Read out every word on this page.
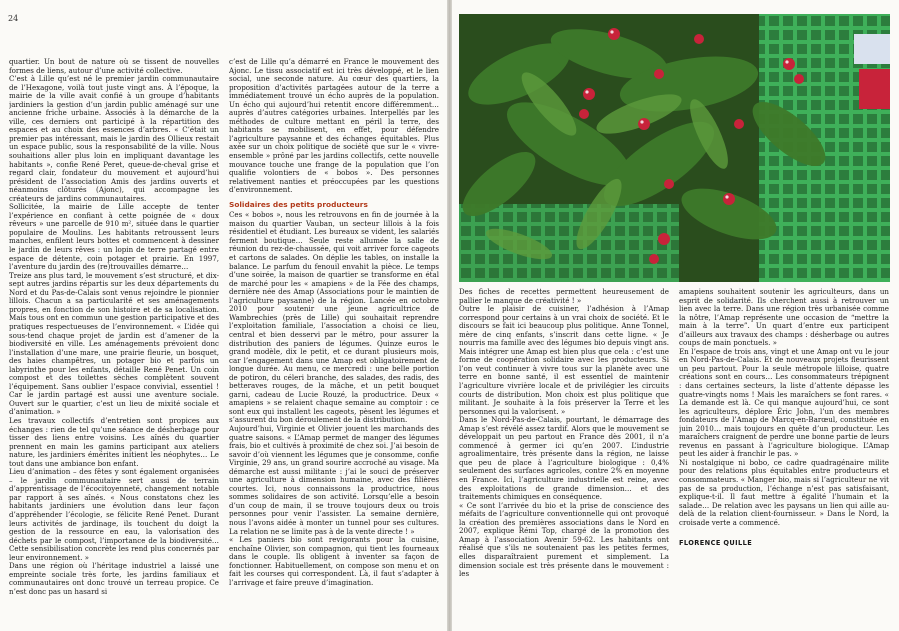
24

quartier. Un bout de nature où se tissent de nouvelles formes de liens, autour d’une activité collective.

C’est à Lille qu’est né le premier jardin communautaire de l’Hexagone, voilà tout juste vingt ans. À l’époque, la mairie de la ville avait confié à un groupe d’habitants jardiniers la gestion d’un jardin public aménagé sur une ancienne friche urbaine. Associés à la démarche de la ville, ces derniers ont participé à la répartition des espaces et au choix des essences d’arbres. « C’était un premier pas intéressant, mais le jardin des Ollieux restait un espace public, sous la responsabilité de la ville. Nous souhaitions aller plus loin en impliquant davantage les habitants », confie René Peret, queue-de-cheval grise et regard clair, fondateur du mouvement et aujourd’hui président de l’association Amis des jardins ouverts et néanmoins clôturés (Ajonc), qui accompagne les créateurs de jardins communautaires.

Sollicitée, la mairie de Lille accepte de tenter l’expérience en confiant à cette poignée de « doux rêveurs » une parcelle de 910 m², située dans le quartier populaire de Moulins. Les habitants retroussent leurs manches, enfilent leurs bottes et commencent à dessiner le jardin de leurs rêves : un lopin de terre partagé entre espace de détente, coin potager et prairie. En 1997, l’aventure du jardin des (re)trouvailles démarre…

Treize ans plus tard, le mouvement s’est structuré, et dix-sept autres jardins répartis sur les deux départements du Nord et du Pas-de-Calais sont venus rejoindre le pionnier lillois. Chacun a sa particularité et ses aménagements propres, en fonction de son histoire et de sa localisation. Mais tous ont en commun une gestion participative et des pratiques respectueuses de l’environnement. « L’idée qui sous-tend chaque projet de jardin est d’amener de la biodiversité en ville. Les aménagements prévoient donc l’installation d’une mare, une prairie fleurie, un bosquet, des haies champêtres, un potager bio et parfois un labyrinthe pour les enfants, détaille René Penet. Un coin compost et des toilettes sèches complètent souvent l’équipement. Sans oublier l’espace convivial, essentiel ! Car le jardin partagé est aussi une aventure sociale. Ouvert sur le quartier, c’est un lieu de mixité sociale et d’animation. »

Les travaux collectifs d’entretien sont propices aux échanges : rien de tel qu’une séance de désherbage pour tisser des liens entre voisins. Les aînés du quartier prennent en main les gamins participant aux ateliers nature, les jardiniers émérites initient les néophytes… Le tout dans une ambiance bon enfant.

Lieu d’animation – des fêtes y sont également organisées – le jardin communautaire sert aussi de terrain d’apprentissage de l’écocitoyenneté, changement notable par rapport à ses aînés. « Nous constatons chez les habitants jardiniers une évolution dans leur façon d’appréhender l’écologie, se félicite René Penet. Durant leurs activités de jardinage, ils touchent du doigt la gestion de la ressource en eau, la valorisation des déchets par le compost, l’importance de la biodiversité… Cette sensibilisation concrète les rend plus concernés par leur environnement. »

Dans une région où l’héritage industriel a laissé une empreinte sociale très forte, les jardins familiaux et communautaires ont donc trouvé un terreau propice. Ce n’est donc pas un hasard si

c’est de Lille qu’a démarré en France le mouvement des Ajonc. Le tissu associatif est ici très développé, et le lien social, une seconde nature. Au cœur des quartiers, la proposition d’activités partagées autour de la terre a immédiatement trouvé un écho auprès de la population. Un écho qui aujourd’hui retentit encore différemment… auprès d’autres catégories urbaines. Interpellés par les méthodes de culture mettant en péril la terre, des habitants se mobilisent, en effet, pour défendre l’agriculture paysanne et des échanges équitables. Plus axée sur un choix politique de société que sur le « vivre-ensemble » prôné par les jardins collectifs, cette nouvelle mouvance touche une frange de la population que l’on qualifie volontiers de « bobos ». Des personnes relativement nanties et préoccupées par les questions d’environnement.

Solidaires des petits producteurs

Ces « bobos », nous les retrouvons en fin de journée à la maison du quartier Vauban, un secteur lillois à la fois résidentiel et étudiant. Les bureaux se vident, les salariés ferment boutique… Seule reste allumée la salle de réunion du rez-de-chaussée, qui voit arriver force cageots et cartons de salades. On déplie les tables, on installe la balance. Le parfum du fenouil envahit la pièce. Le temps d’une soirée, la maison de quartier se transforme en étal de marché pour les « amapiens » de la Fée des champs, dernière née des Amap (Associations pour le maintien de l’agriculture paysanne) de la région. Lancée en octobre 2010 pour soutenir une jeune agricultrice de Wambrechies (près de Lille) qui souhaitait reprendre l’exploitation familiale, l’association a choisi ce lieu, central et bien desservi par le métro, pour assurer la distribution des paniers de légumes. Quinze euros le grand modèle, dix le petit, et ce durant plusieurs mois, car l’engagement dans une Amap est obligatoirement de longue durée. Au menu, ce mercredi : une belle portion de potiron, du céleri branche, des salades, des radis, des betteraves rouges, de la mâche, et un petit bouquet garni, cadeau de Lucie Rouzé, la productrice. Deux « amapiens » se relaient chaque semaine au comptoir : ce sont eux qui installent les cageots, pèsent les légumes et s’assurent du bon déroulement de la distribution.

Aujourd’hui, Virginie et Olivier jouent les marchands des quatre saisons. « L’Amap permet de manger des légumes frais, bio et cultivés à proximité de chez soi. J’ai besoin de savoir d’où viennent les légumes que je consomme, confie Virginie, 29 ans, un grand sourire accroché au visage. Ma démarche est aussi militante : j’ai le souci de préserver une agriculture à dimension humaine, avec des filières courtes. Ici, nous connaissons la productrice, nous sommes solidaires de son activité. Lorsqu’elle a besoin d’un coup de main, il se trouve toujours deux ou trois personnes pour venir l’assister. La semaine dernière, nous l’avons aidée à monter un tunnel pour ses cultures. La relation ne se limite pas à de la vente directe ! »

« Les paniers bio sont revigorants pour la cuisine, enchaîne Olivier, son compagnon, qui tient les fourneaux dans le couple. Ils obligent à inventer sa façon de fonctionner. Habituellement, on compose son menu et on fait les courses qui correspondent. Là, il faut s’adapter à l’arrivage et faire preuve d’imagination.

Des fiches de recettes permettent heureusement de pallier le manque de créativité ! »

Outre le plaisir de cuisiner, l’adhésion à l’Amap correspond pour certains à un vrai choix de société. Et le discours se fait ici beaucoup plus politique. Anne Tonnel, mère de cinq enfants, s’inscrit dans cette ligne. « Je nourris ma famille avec des légumes bio depuis vingt ans. Mais intégrer une Amap est bien plus que cela : c’est une forme de coopération solidaire avec les producteurs. Si l’on veut continuer à vivre tous sur la planète avec une terre en bonne santé, il est essentiel de maintenir l’agriculture vivrière locale et de privilégier les circuits courts de distribution. Mon choix est plus politique que militant. Je souhaite à la fois préserver la Terre et les personnes qui la valorisent. »

Dans le Nord-Pas-de-Calais, pourtant, le démarrage des Amap s’est révélé assez tardif. Alors que le mouvement se développait un peu partout en France dès 2001, il n’a commencé à germer ici qu’en 2007. L’industrie agroalimentaire, très présente dans la région, ne laisse que peu de place à l’agriculture biologique : 0,4% seulement des surfaces agricoles, contre 2% en moyenne en France. Ici, l’agriculture industrielle est reine, avec des exploitations de grande dimension… et des traitements chimiques en conséquence.

« Ce sont l’arrivée du bio et la prise de conscience des méfaits de l’agriculture conventionnelle qui ont provoqué la création des premières associations dans le Nord en 2007, explique Rémi Top, chargé de la promotion des Amap à l’association Avenir 59-62. Les habitants ont réalisé que s’ils ne soutenaient pas les petites fermes, elles disparaîtraient purement et simplement. La dimension sociale est très présente dans le mouvement : les

amapiens souhaitent soutenir les agriculteurs, dans un esprit de solidarité. Ils cherchent aussi à retrouver un lien avec la terre. Dans une région très urbanisée comme la nôtre, l’Amap représente une occasion de “mettre la main à la terre”. Un quart d’entre eux participent d’ailleurs aux travaux des champs : désherbage ou autres coups de main ponctuels. »

En l’espace de trois ans, vingt et une Amap ont vu le jour en Nord-Pas-de-Calais. Et de nouveaux projets fleurissent un peu partout. Pour la seule métropole lilloise, quatre créations sont en cours… Les consommateurs trépignent : dans certaines secteurs, la liste d’attente dépasse les quatre-vingts noms ! Mais les maraîchers se font rares. « La demande est là. Ce qui manque aujourd’hui, ce sont les agriculteurs, déplore Éric John, l’un des membres fondateurs de l’Amap de Marcq-en-Barœul, constituée en juin 2010… mais toujours en quête d’un producteur. Les maraîchers craignent de perdre une bonne partie de leurs revenus en passant à l’agriculture biologique. L’Amap peut les aider à franchir le pas. »

Ni nostalgique ni bobo, ce cadre quadragénaire milite pour des relations plus équitables entre producteurs et consommateurs. « Manger bio, mais si l’agriculteur ne vit pas de sa production, l’échange n’est pas satisfaisant, explique-t-il. Il faut mettre à égalité l’humain et la salade… De relation avec les paysans un lien qui aille au-delà de la relation client-fournisseur. » Dans le Nord, la croisade verte a commencé.

FLORENCE QUILLE
